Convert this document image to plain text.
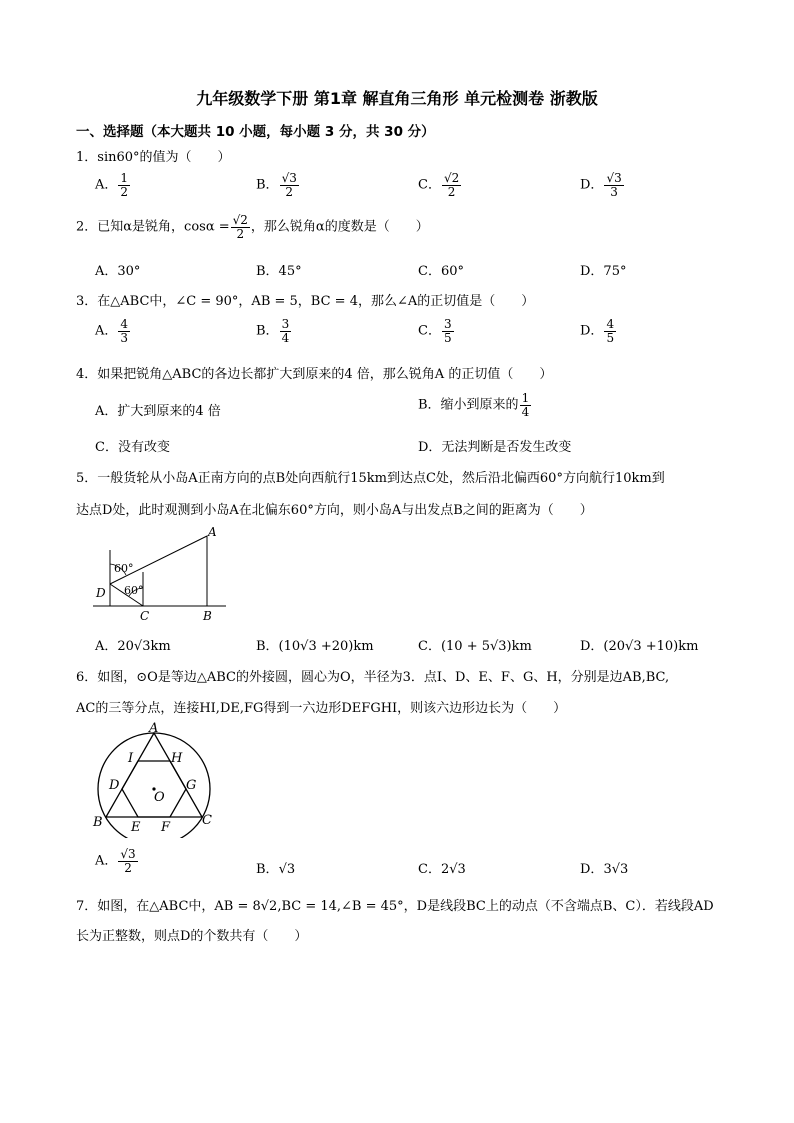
九年级数学下册 第1章 解直角三角形 单元检测卷 浙教版
一、选择题（本大题共 10 小题，每小题 3 分，共 30 分）
1．sin60°的值为（　　）
A． $\frac{1}{2}$	B． $\frac{√3}{2}$	C． $\frac{√2}{2}$	D． $\frac{√3}{3}$
2．已知α是锐角，$\cos\alpha = \frac{√2}{2}$ ，那么锐角α的度数是（　　）
A．30°	B．45°	C．60°	D．75°
3．在△ABC中，∠C = 90°，AB = 5，BC = 4，那么∠A的正切值是（　　）
A． $\frac{4}{3}$	B． $\frac{3}{4}$	C． $\frac{3}{5}$	D． $\frac{4}{5}$
4．如果把锐角△ABC的各边长都扩大到原来的4 倍，那么锐角A 的正切值（　　）
A．扩大到原来的4 倍	B．缩小到原来的 $\frac{1}{4}$
C．没有改变	D．无法判断是否发生改变
5．一般货轮从小岛A正南方向的点B处向西航行15km到达点C处，然后沿北偏西60°方向航行10km到
达点D处，此时观测到小岛A在北偏东60°方向，则小岛A与出发点B之间的距离为（　　）
A
B
C
D
60°
60°
A．20√3km	B．(10√3 +20)km	C．(10 + 5√3)km	D．(20√3 +10)km
6．如图，⊙O是等边△ABC的外接圆，圆心为O，半径为3．点I、D、E、F、G、H，分别是边AB,BC,
AC的三等分点，连接HI,DE,FG得到一六边形DEFGHI，则该六边形边长为（　　）
A
B	C
D
E F
G
H
I
O
A． $\frac{√3}{2}$	B．√3	C．2√3	D．3√3
7．如图，在△ABC中，AB = 8√2,BC = 14,∠B = 45°，D是线段BC上的动点（不含端点B、C）．若线段AD
长为正整数，则点D的个数共有（　　）
